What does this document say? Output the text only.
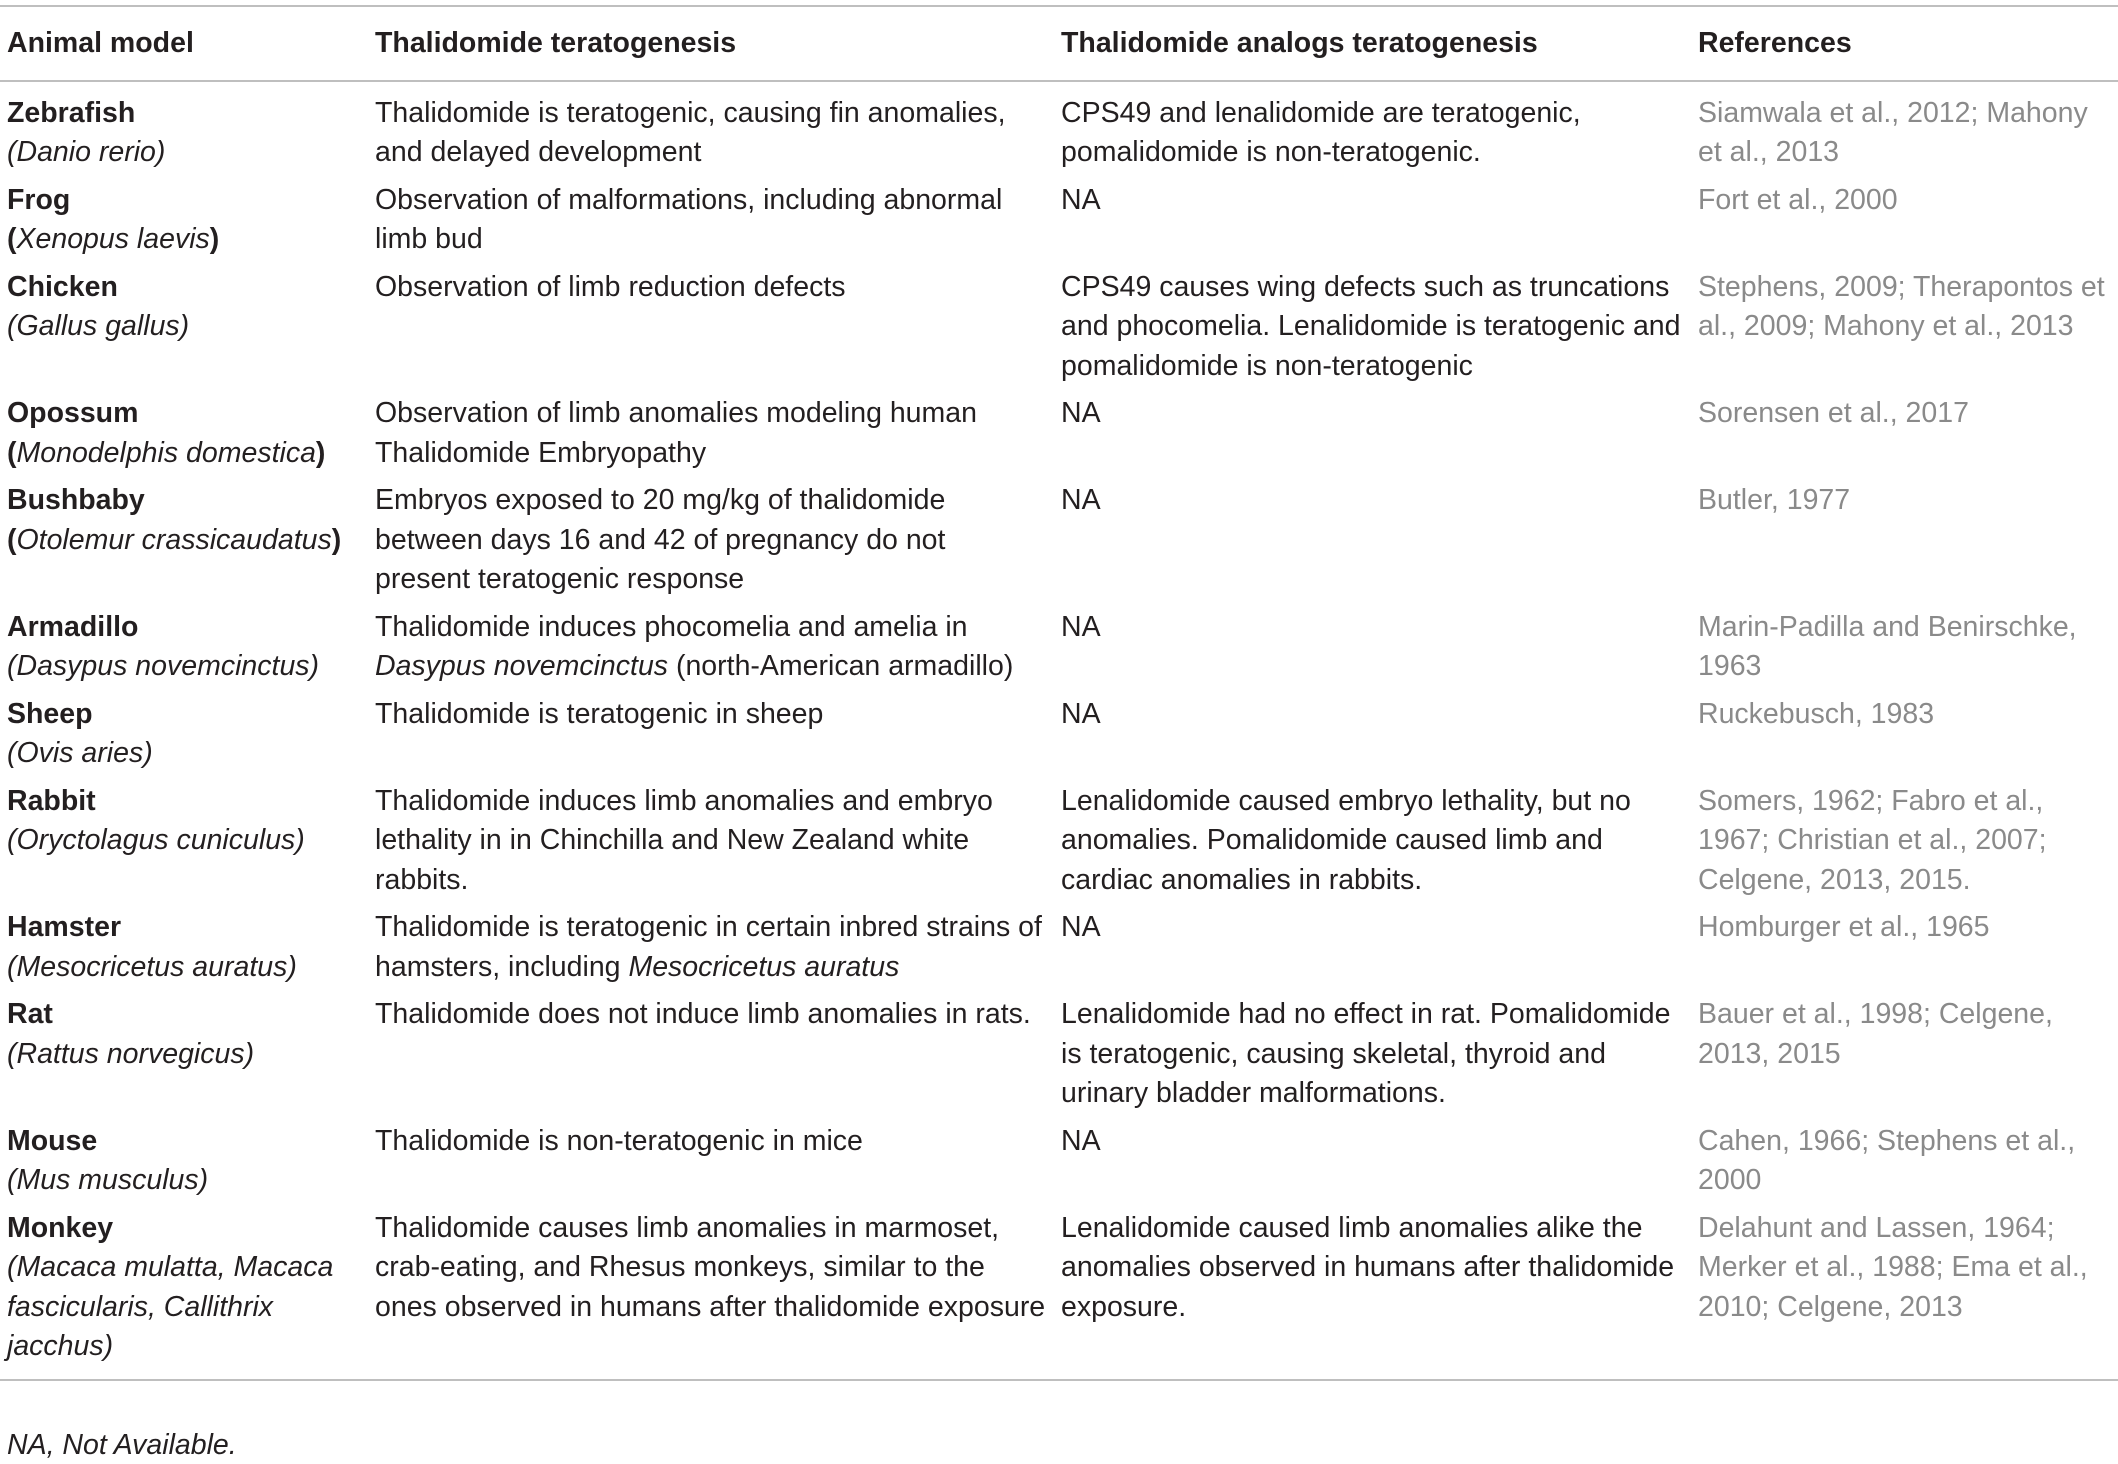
Animal model	Thalidomide teratogenesis	Thalidomide analogs teratogenesis	References

Zebrafish
(Danio rerio)	Thalidomide is teratogenic, causing fin anomalies, and delayed development	CPS49 and lenalidomide are teratogenic, pomalidomide is non-teratogenic.	Siamwala et al., 2012; Mahony et al., 2013

Frog
(Xenopus laevis)	Observation of malformations, including abnormal limb bud	NA	Fort et al., 2000

Chicken
(Gallus gallus)	Observation of limb reduction defects	CPS49 causes wing defects such as truncations and phocomelia. Lenalidomide is teratogenic and pomalidomide is non-teratogenic	Stephens, 2009; Therapontos et al., 2009; Mahony et al., 2013

Opossum
(Monodelphis domestica)	Observation of limb anomalies modeling human Thalidomide Embryopathy	NA	Sorensen et al., 2017

Bushbaby
(Otolemur crassicaudatus)	Embryos exposed to 20 mg/kg of thalidomide between days 16 and 42 of pregnancy do not present teratogenic response	NA	Butler, 1977

Armadillo
(Dasypus novemcinctus)	Thalidomide induces phocomelia and amelia in Dasypus novemcinctus (north-American armadillo)	NA	Marin-Padilla and Benirschke, 1963

Sheep
(Ovis aries)	Thalidomide is teratogenic in sheep	NA	Ruckebusch, 1983

Rabbit
(Oryctolagus cuniculus)	Thalidomide induces limb anomalies and embryo lethality in in Chinchilla and New Zealand white rabbits.	Lenalidomide caused embryo lethality, but no anomalies. Pomalidomide caused limb and cardiac anomalies in rabbits.	Somers, 1962; Fabro et al., 1967; Christian et al., 2007; Celgene, 2013, 2015.

Hamster
(Mesocricetus auratus)	Thalidomide is teratogenic in certain inbred strains of hamsters, including Mesocricetus auratus	NA	Homburger et al., 1965

Rat
(Rattus norvegicus)	Thalidomide does not induce limb anomalies in rats.	Lenalidomide had no effect in rat. Pomalidomide is teratogenic, causing skeletal, thyroid and urinary bladder malformations.	Bauer et al., 1998; Celgene, 2013, 2015

Mouse
(Mus musculus)	Thalidomide is non-teratogenic in mice	NA	Cahen, 1966; Stephens et al., 2000

Monkey
(Macaca mulatta, Macaca fascicularis, Callithrix jacchus)	Thalidomide causes limb anomalies in marmoset, crab-eating, and Rhesus monkeys, similar to the ones observed in humans after thalidomide exposure	Lenalidomide caused limb anomalies alike the anomalies observed in humans after thalidomide exposure.	Delahunt and Lassen, 1964; Merker et al., 1988; Ema et al., 2010; Celgene, 2013

NA, Not Available.
